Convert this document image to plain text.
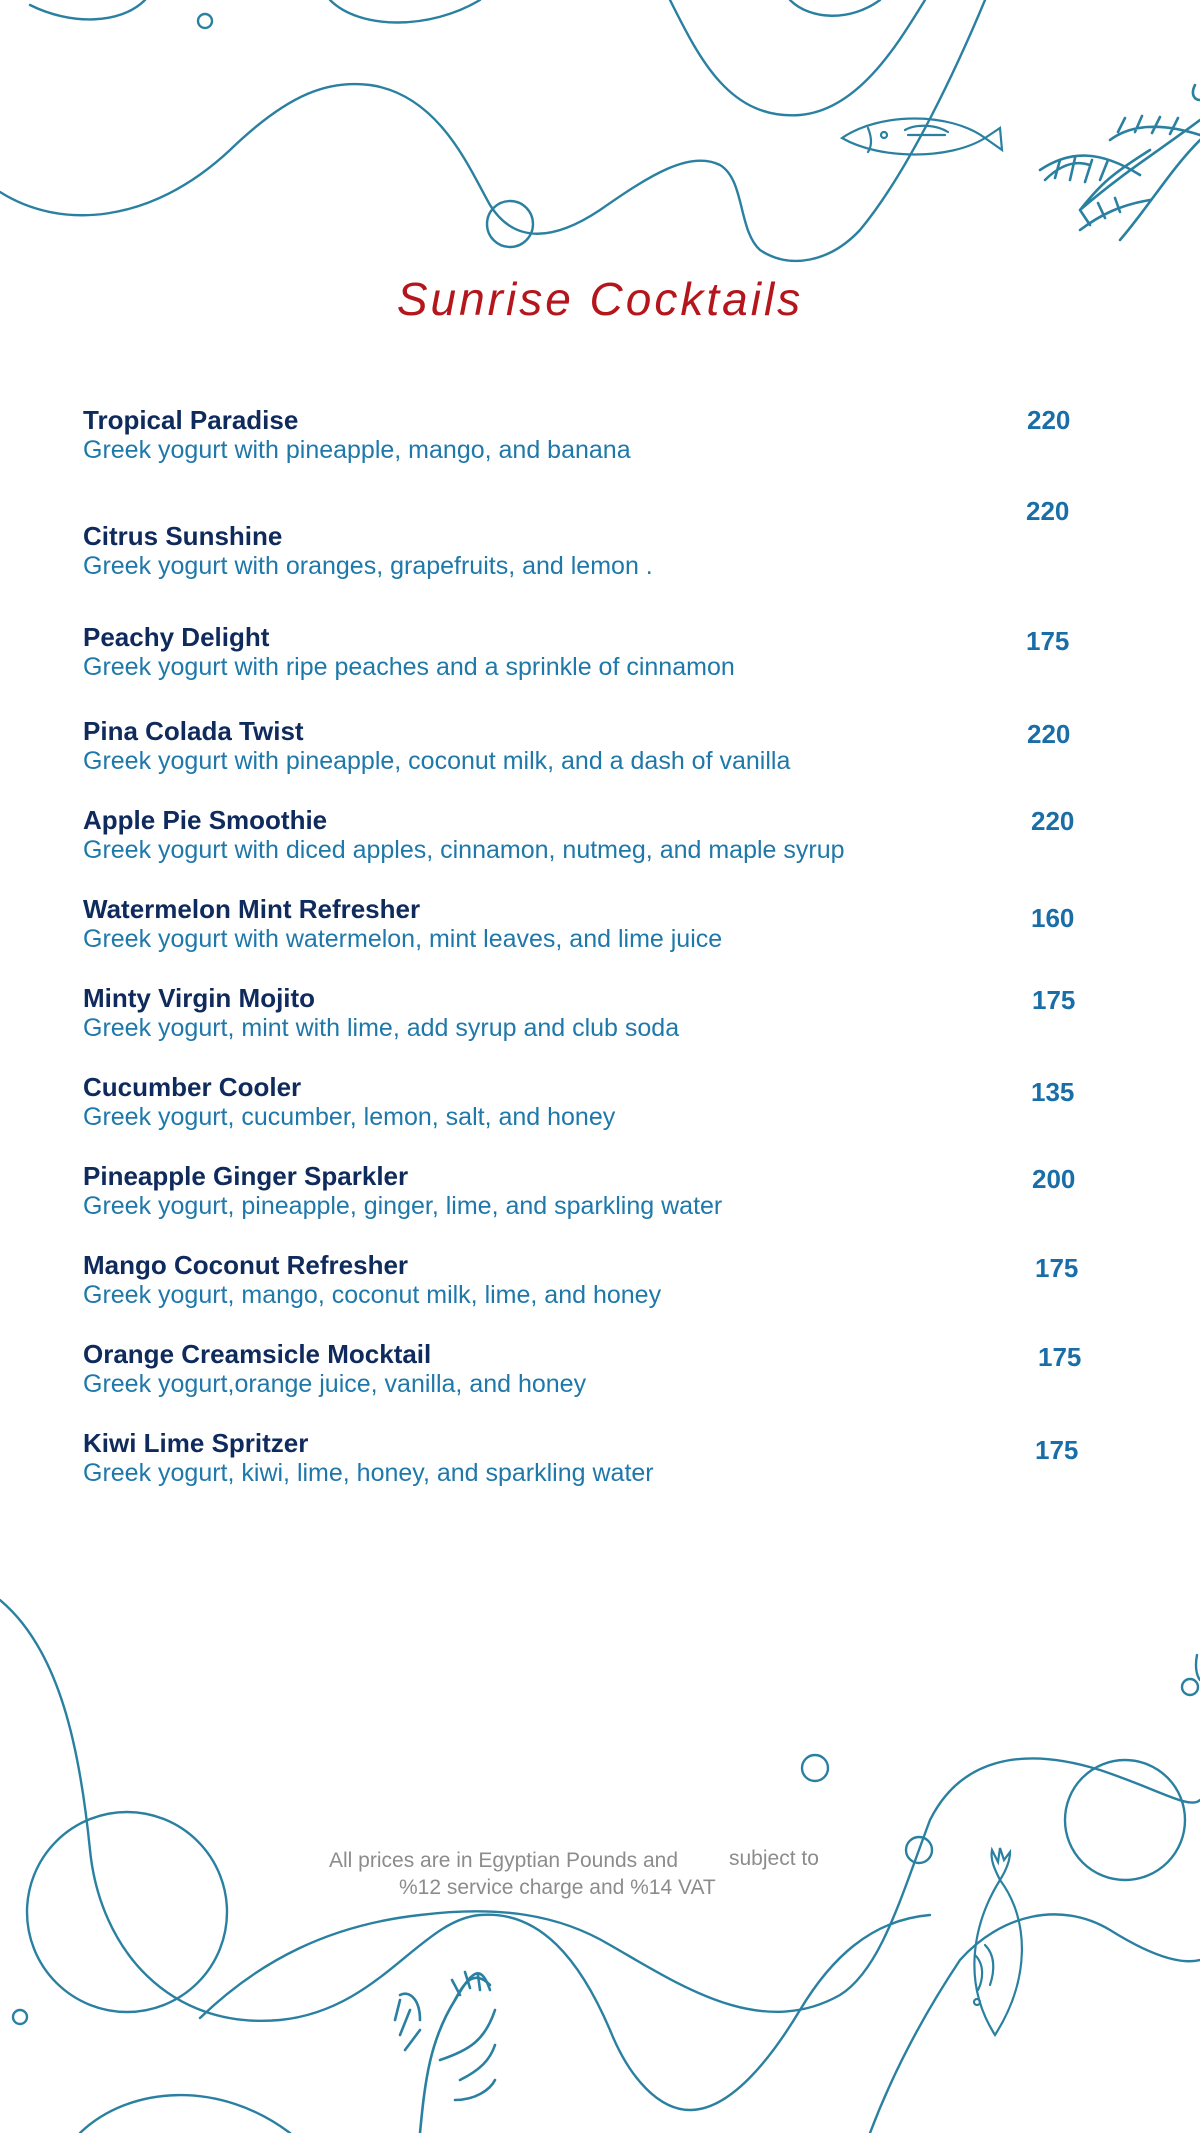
Sunrise Cocktails
Tropical Paradise
Greek yogurt with pineapple, mango, and banana
220
Citrus Sunshine
Greek yogurt with oranges, grapefruits, and lemon .
220
Peachy Delight
Greek yogurt with ripe peaches and a sprinkle of cinnamon
175
Pina Colada Twist
Greek yogurt with pineapple, coconut milk, and a dash of vanilla
220
Apple Pie Smoothie
Greek yogurt with diced apples, cinnamon, nutmeg, and maple syrup
220
Watermelon Mint Refresher
Greek yogurt with watermelon, mint leaves, and lime juice
160
Minty Virgin Mojito
Greek yogurt, mint with lime, add syrup and club soda
175
Cucumber Cooler
Greek yogurt, cucumber, lemon, salt, and honey
135
Pineapple Ginger Sparkler
Greek yogurt, pineapple, ginger, lime, and sparkling water
200
Mango Coconut Refresher
Greek yogurt, mango, coconut milk, lime, and honey
175
Orange Creamsicle Mocktail
Greek yogurt,orange juice, vanilla, and honey
175
Kiwi Lime Spritzer
Greek yogurt, kiwi, lime, honey, and sparkling water
175
All prices are in Egyptian Pounds and subject to
%12 service charge and %14 VAT
